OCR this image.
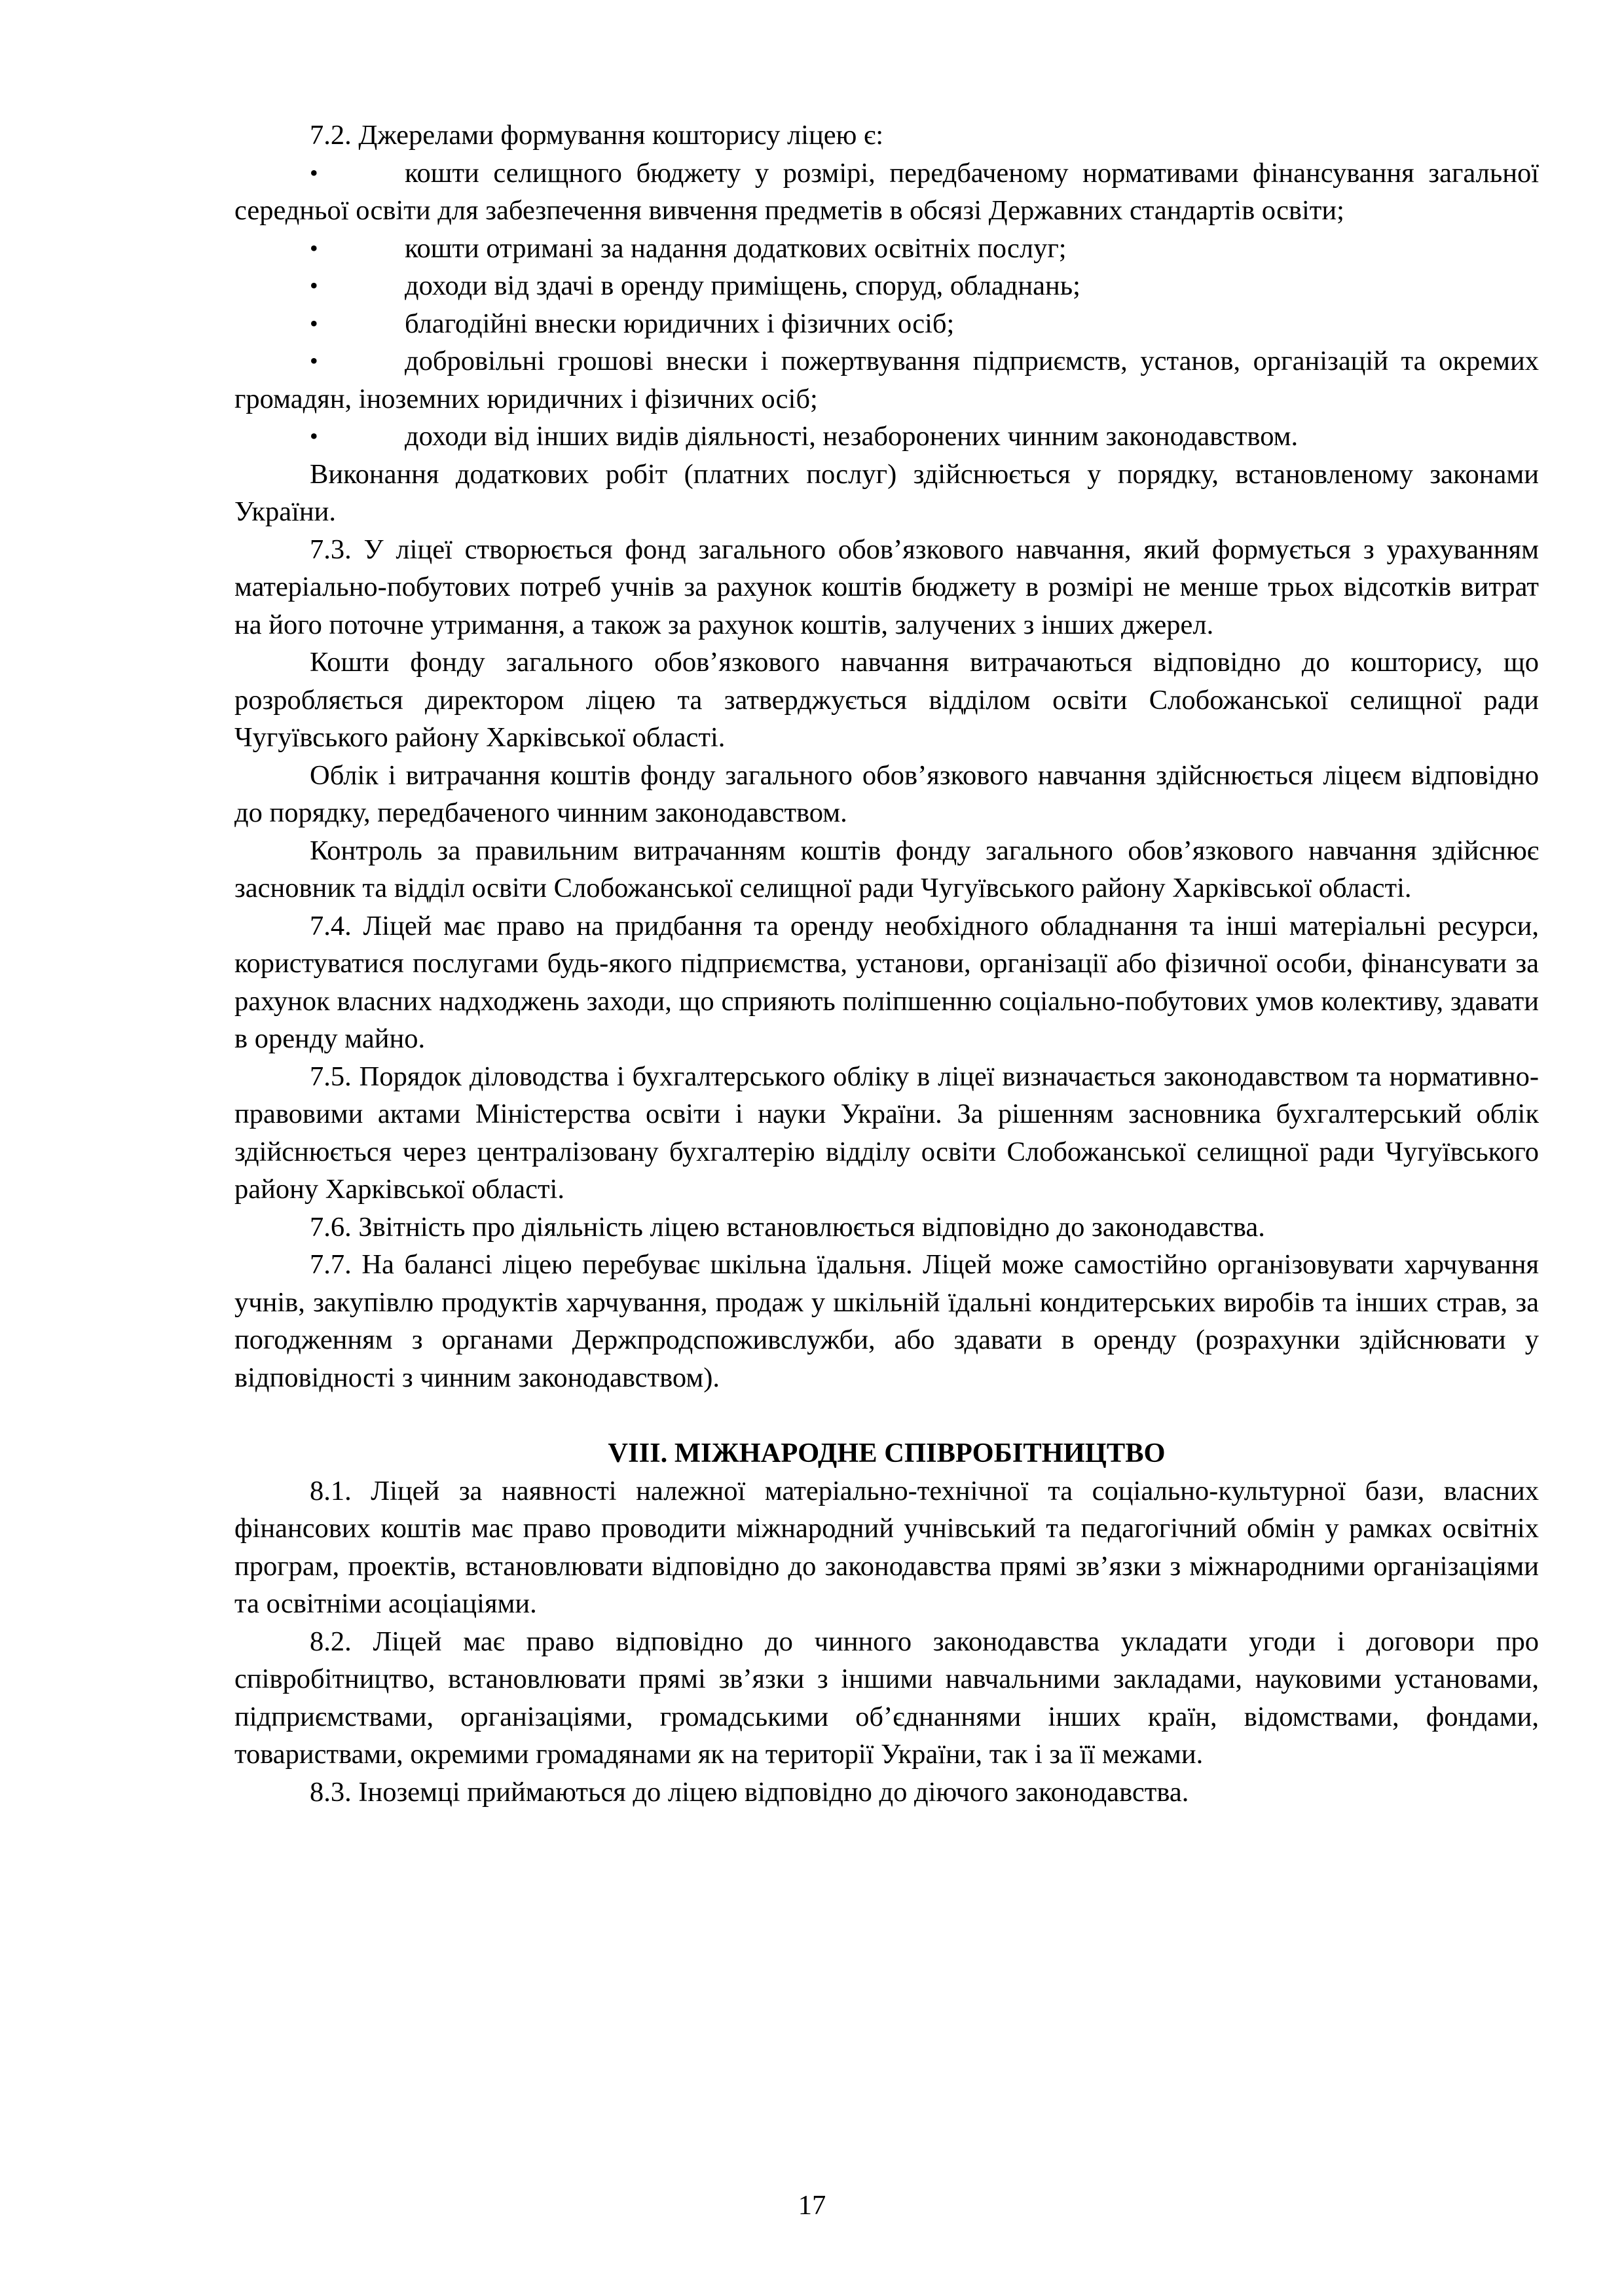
7.2. Джерелами формування кошторису ліцею є:

•	кошти селищного бюджету у розмірі, передбаченому нормативами фінансування загальної середньої освіти для забезпечення вивчення предметів в обсязі Державних стандартів освіти;

•	кошти отримані за надання додаткових освітніх послуг;

•	доходи від здачі в оренду приміщень, споруд, обладнань;

•	благодійні внески юридичних і фізичних осіб;

•	добровільні грошові внески і пожертвування підприємств, установ, організацій та окремих громадян, іноземних юридичних і фізичних осіб;

•	доходи від інших видів діяльності, незаборонених чинним законодавством.

Виконання додаткових робіт (платних послуг) здійснюється у порядку, встановленому законами України.

7.3. У ліцеї створюється фонд загального обов’язкового навчання, який формується з урахуванням матеріально-побутових потреб учнів за рахунок коштів бюджету в розмірі не менше трьох відсотків витрат на його поточне утримання, а також за рахунок коштів, залучених з інших джерел.

Кошти фонду загального обов’язкового навчання витрачаються відповідно до кошторису, що розробляється директором ліцею та затверджується відділом освіти Слобожанської селищної ради Чугуївського району Харківської області.

Облік і витрачання коштів фонду загального обов’язкового навчання здійснюється ліцеєм відповідно до порядку, передбаченого чинним законодавством.

Контроль за правильним витрачанням коштів фонду загального обов’язкового навчання здійснює засновник та відділ освіти Слобожанської селищної ради Чугуївського району Харківської області.

7.4. Ліцей має право на придбання та оренду необхідного обладнання та інші матеріальні ресурси, користуватися послугами будь-якого підприємства, установи, організації або фізичної особи, фінансувати за рахунок власних надходжень заходи, що сприяють поліпшенню соціально-побутових умов колективу, здавати в оренду майно.

7.5. Порядок діловодства і бухгалтерського обліку в ліцеї визначається законодавством та нормативно-правовими актами Міністерства освіти і науки України. За рішенням засновника бухгалтерський облік здійснюється через централізовану бухгалтерію відділу освіти Слобожанської селищної ради Чугуївського району Харківської області.

7.6. Звітність про діяльність ліцею встановлюється відповідно до законодавства.

7.7. На балансі ліцею перебуває шкільна їдальня. Ліцей може самостійно організовувати харчування учнів, закупівлю продуктів харчування, продаж у шкільній їдальні кондитерських виробів та інших страв, за погодженням з органами Держпродспоживслужби, або здавати в оренду (розрахунки здійснювати у відповідності з чинним законодавством).

VIII. МІЖНАРОДНЕ СПІВРОБІТНИЦТВО

8.1. Ліцей за наявності належної матеріально-технічної та соціально-культурної бази, власних фінансових коштів має право проводити міжнародний учнівський та педагогічний обмін у рамках освітніх програм, проектів, встановлювати відповідно до законодавства прямі зв’язки з міжнародними організаціями та освітніми асоціаціями.

8.2. Ліцей має право відповідно до чинного законодавства укладати угоди і договори про співробітництво, встановлювати прямі зв’язки з іншими навчальними закладами, науковими установами, підприємствами, організаціями, громадськими об’єднаннями інших країн, відомствами, фондами, товариствами, окремими громадянами як на території України, так і за її межами.

8.3. Іноземці приймаються до ліцею відповідно до діючого законодавства.

17
